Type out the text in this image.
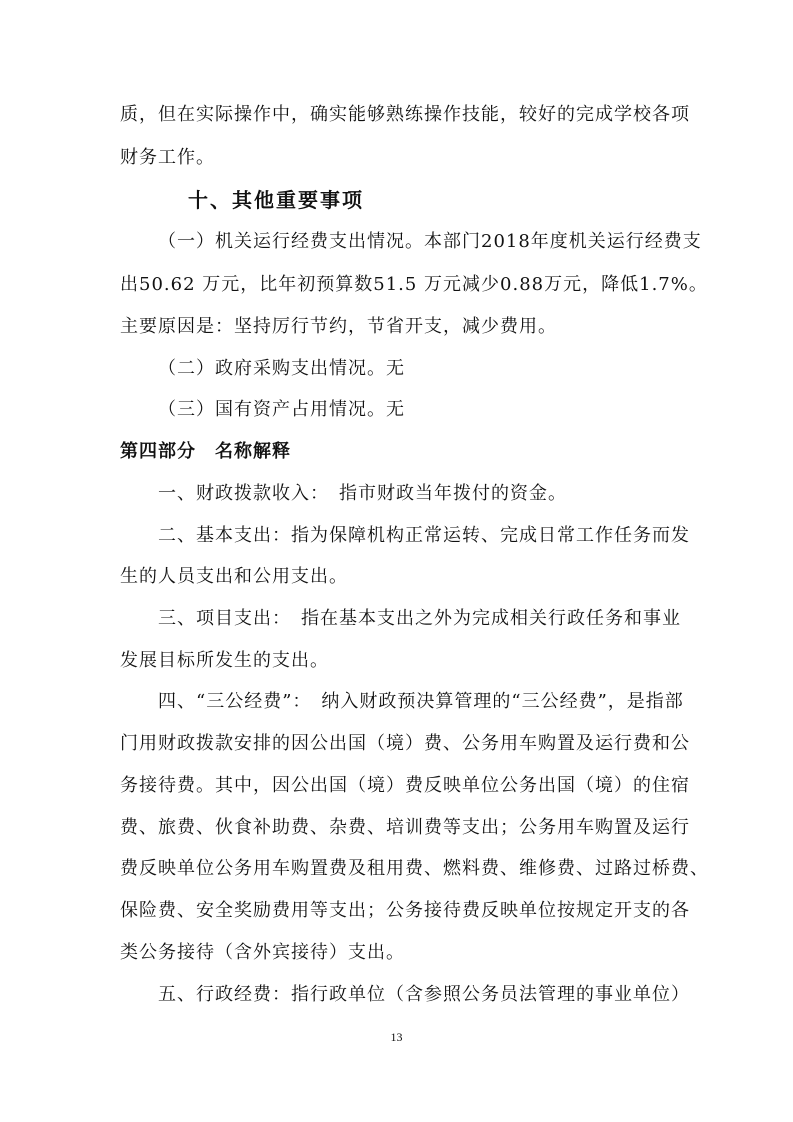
质，但在实际操作中，确实能够熟练操作技能，较好的完成学校各项
财务工作。
十、其他重要事项
（一）机关运行经费支出情况。本部门2018年度机关运行经费支
出50.62 万元，比年初预算数51.5 万元减少0.88万元，降低1.7%。
主要原因是：坚持厉行节约，节省开支，减少费用。
（二）政府采购支出情况。无
（三）国有资产占用情况。无
第四部分　名称解释
一、财政拨款收入：　指市财政当年拨付的资金。
二、基本支出：指为保障机构正常运转、完成日常工作任务而发
生的人员支出和公用支出。
三、项目支出：　指在基本支出之外为完成相关行政任务和事业
发展目标所发生的支出。
四、“三公经费”：　纳入财政预决算管理的“三公经费”，是指部
门用财政拨款安排的因公出国（境）费、公务用车购置及运行费和公
务接待费。其中，因公出国（境）费反映单位公务出国（境）的住宿
费、旅费、伙食补助费、杂费、培训费等支出；公务用车购置及运行
费反映单位公务用车购置费及租用费、燃料费、维修费、过路过桥费、
保险费、安全奖励费用等支出；公务接待费反映单位按规定开支的各
类公务接待（含外宾接待）支出。
五、行政经费：指行政单位（含参照公务员法管理的事业单位）
13
